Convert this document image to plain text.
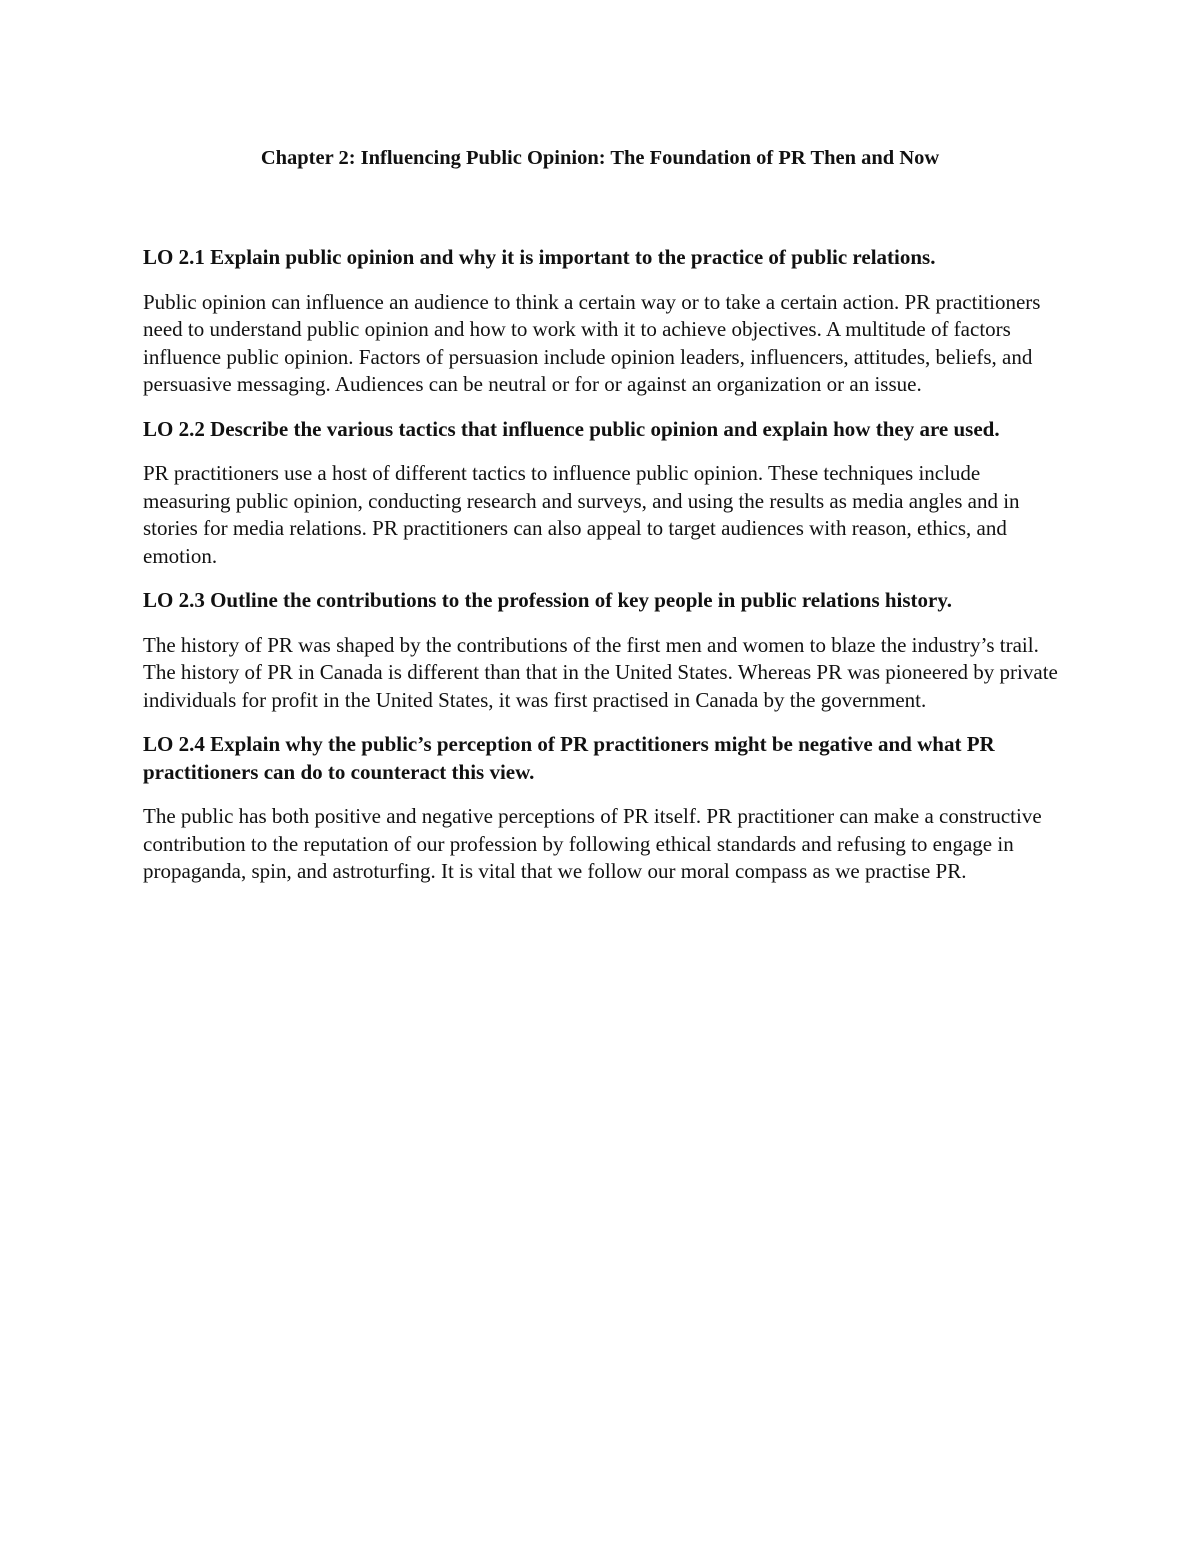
Chapter 2: Influencing Public Opinion: The Foundation of PR Then and Now

LO 2.1 Explain public opinion and why it is important to the practice of public relations.

Public opinion can influence an audience to think a certain way or to take a certain action. PR practitioners need to understand public opinion and how to work with it to achieve objectives. A multitude of factors influence public opinion. Factors of persuasion include opinion leaders, influencers, attitudes, beliefs, and persuasive messaging. Audiences can be neutral or for or against an organization or an issue.

LO 2.2 Describe the various tactics that influence public opinion and explain how they are used.

PR practitioners use a host of different tactics to influence public opinion. These techniques include measuring public opinion, conducting research and surveys, and using the results as media angles and in stories for media relations. PR practitioners can also appeal to target audiences with reason, ethics, and emotion.

LO 2.3 Outline the contributions to the profession of key people in public relations history.

The history of PR was shaped by the contributions of the first men and women to blaze the industry’s trail. The history of PR in Canada is different than that in the United States. Whereas PR was pioneered by private individuals for profit in the United States, it was first practised in Canada by the government.

LO 2.4 Explain why the public’s perception of PR practitioners might be negative and what PR practitioners can do to counteract this view.

The public has both positive and negative perceptions of PR itself. PR practitioner can make a constructive contribution to the reputation of our profession by following ethical standards and refusing to engage in propaganda, spin, and astroturfing. It is vital that we follow our moral compass as we practise PR.
